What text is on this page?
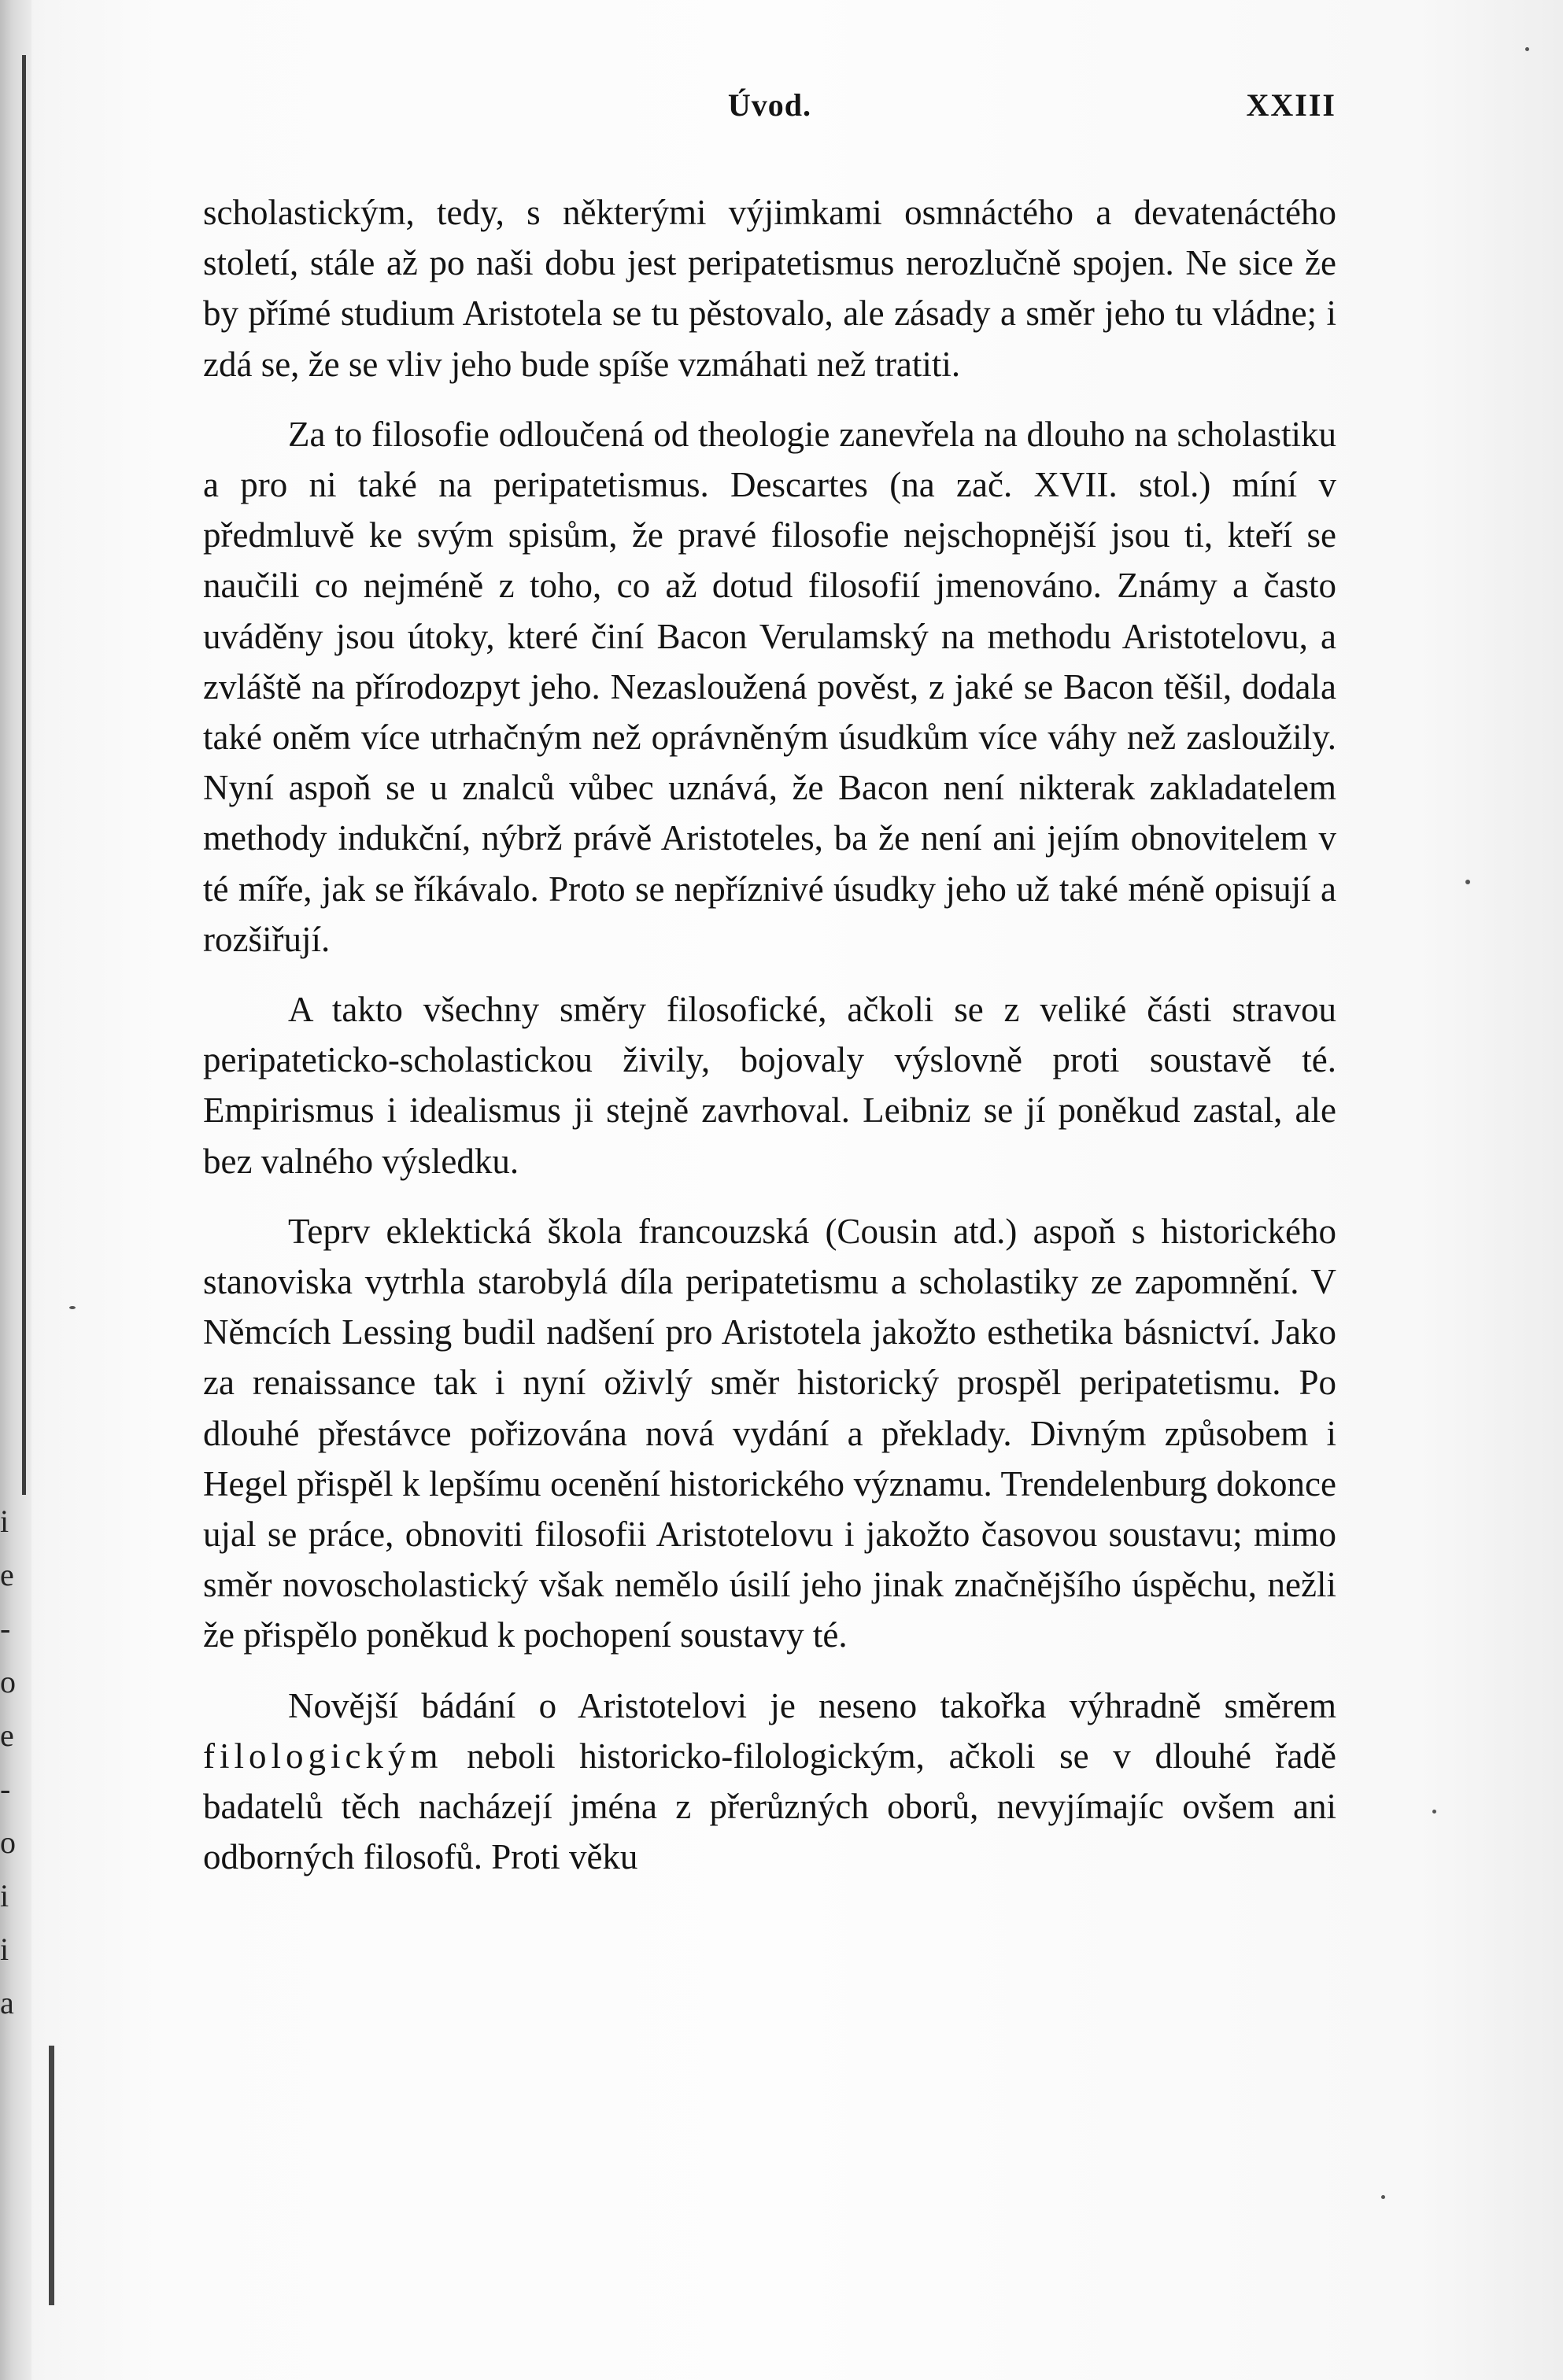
i
e
-
o
e
-
o
i
i
a
Úvod.	XXIII

scholastickým, tedy, s některými výjimkami osmnáctého a devatenáctého století, stále až po naši dobu jest peripatetismus nerozlučně spojen. Ne sice že by přímé studium Aristotela se tu pěstovalo, ale zásady a směr jeho tu vládne; i zdá se, že se vliv jeho bude spíše vzmáhati než tratiti.

Za to filosofie odloučená od theologie zanevřela na dlouho na scholastiku a pro ni také na peripatetismus. Descartes (na zač. XVII. stol.) míní v předmluvě ke svým spisům, že pravé filosofie nejschopnější jsou ti, kteří se naučili co nejméně z toho, co až dotud filosofií jmenováno. Známy a často uváděny jsou útoky, které činí Bacon Verulamský na methodu Aristotelovu, a zvláště na přírodozpyt jeho. Nezasloužená pověst, z jaké se Bacon těšil, dodala také oněm více utrhačným než oprávněným úsudkům více váhy než zasloužily. Nyní aspoň se u znalců vůbec uznává, že Bacon není nikterak zakladatelem methody indukční, nýbrž právě Aristoteles, ba že není ani jejím obnovitelem v té míře, jak se říkávalo. Proto se nepříznivé úsudky jeho už také méně opisují a rozšiřují.

A takto všechny směry filosofické, ačkoli se z veliké části stravou peripateticko-scholastickou živily, bojovaly výslovně proti soustavě té. Empirismus i idealismus ji stejně zavrhoval. Leibniz se jí poněkud zastal, ale bez valného výsledku.

Teprv eklektická škola francouzská (Cousin atd.) aspoň s historického stanoviska vytrhla starobylá díla peripatetismu a scholastiky ze zapomnění. V Němcích Lessing budil nadšení pro Aristotela jakožto esthetika básnictví. Jako za renaissance tak i nyní oživlý směr historický prospěl peripatetismu. Po dlouhé přestávce pořizována nová vydání a překlady. Divným způsobem i Hegel přispěl k lepšímu ocenění historického významu. Trendelenburg dokonce ujal se práce, obnoviti filosofii Aristotelovu i jakožto časovou soustavu; mimo směr novoscholastický však nemělo úsilí jeho jinak značnějšího úspěchu, nežli že přispělo poněkud k pochopení soustavy té.

Novější bádání o Aristotelovi je neseno takořka výhradně směrem filologickým neboli historicko-filologickým, ačkoli se v dlouhé řadě badatelů těch nacházejí jména z přerůzných oborů, nevyjímajíc ovšem ani odborných filosofů. Proti věku
